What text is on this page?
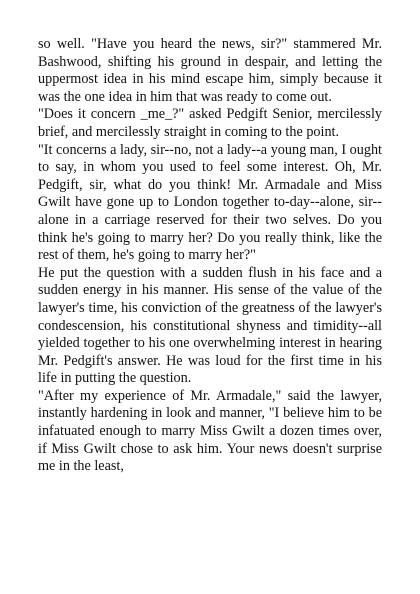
so well. "Have you heard the news, sir?" stammered Mr. Bashwood, shifting his ground in despair, and letting the uppermost idea in his mind escape him, simply because it was the one idea in him that was ready to come out.

"Does it concern _me_?" asked Pedgift Senior, mercilessly brief, and mercilessly straight in coming to the point.

"It concerns a lady, sir--no, not a lady--a young man, I ought to say, in whom you used to feel some interest. Oh, Mr. Pedgift, sir, what do you think! Mr. Armadale and Miss Gwilt have gone up to London together to-day--alone, sir--alone in a carriage reserved for their two selves. Do you think he's going to marry her? Do you really think, like the rest of them, he's going to marry her?"

He put the question with a sudden flush in his face and a sudden energy in his manner. His sense of the value of the lawyer's time, his conviction of the greatness of the lawyer's condescension, his constitutional shyness and timidity--all yielded together to his one overwhelming interest in hearing Mr. Pedgift's answer. He was loud for the first time in his life in putting the question.

"After my experience of Mr. Armadale," said the lawyer, instantly hardening in look and manner, "I believe him to be infatuated enough to marry Miss Gwilt a dozen times over, if Miss Gwilt chose to ask him. Your news doesn't surprise me in the least,
